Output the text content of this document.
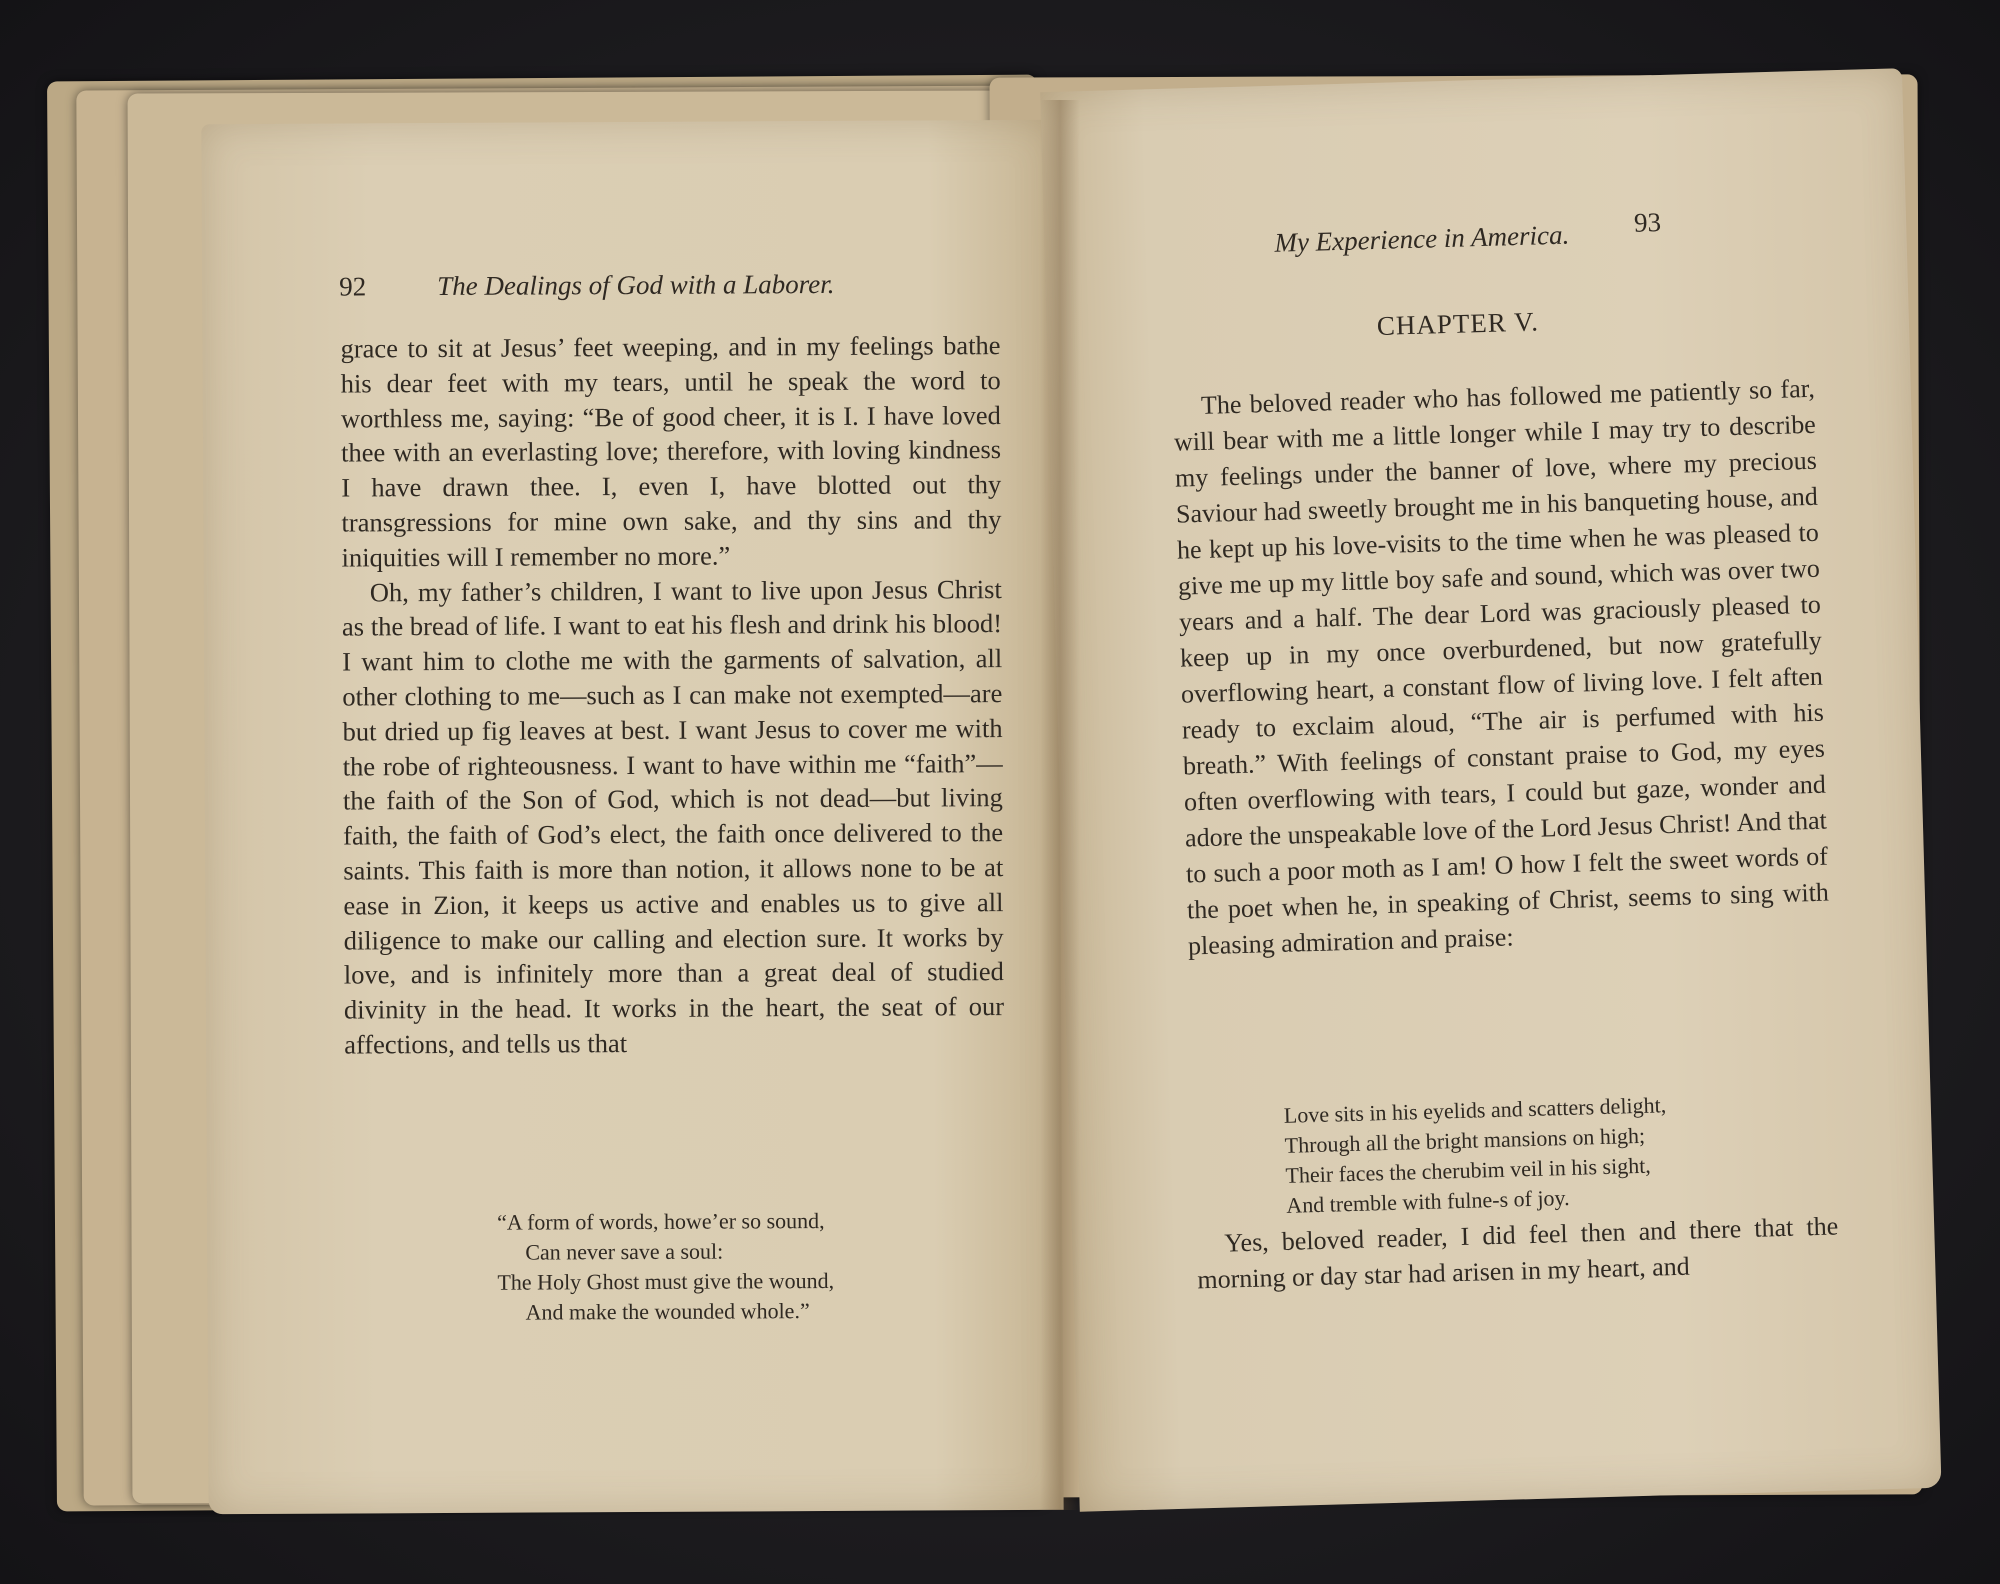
92	The Dealings of God with a Laborer.

grace to sit at Jesus’ feet weeping, and in my feelings bathe his dear feet with my tears, until he speak the word to worthless me, saying: “Be of good cheer, it is I. I have loved thee with an everlasting love; therefore, with loving kindness I have drawn thee. I, even I, have blotted out thy transgressions for mine own sake, and thy sins and thy iniquities will I remember no more.”

Oh, my father’s children, I want to live upon Jesus Christ as the bread of life. I want to eat his flesh and drink his blood! I want him to clothe me with the garments of salvation, all other clothing to me—such as I can make not exempted—are but dried up fig leaves at best. I want Jesus to cover me with the robe of righteousness. I want to have within me “faith”—the faith of the Son of God, which is not dead—but living faith, the faith of God’s elect, the faith once delivered to the saints. This faith is more than notion, it allows none to be at ease in Zion, it keeps us active and enables us to give all diligence to make our calling and election sure. It works by love, and is infinitely more than a great deal of studied divinity in the head. It works in the heart, the seat of our affections, and tells us that

“A form of words, howe’er so sound,
Can never save a soul:
The Holy Ghost must give the wound,
And make the wounded whole.”
My Experience in America. 93
CHAPTER V.

The beloved reader who has followed me patiently so far, will bear with me a little longer while I may try to describe my feelings under the banner of love, where my precious Saviour had sweetly brought me in his banqueting house, and he kept up his love-visits to the time when he was pleased to give me up my little boy safe and sound, which was over two years and a half. The dear Lord was graciously pleased to keep up in my once overburdened, but now gratefully overflowing heart, a constant flow of living love. I felt aften ready to exclaim aloud, “The air is perfumed with his breath.” With feelings of constant praise to God, my eyes often overflowing with tears, I could but gaze, wonder and adore the unspeakable love of the Lord Jesus Christ! And that to such a poor moth as I am! O how I felt the sweet words of the poet when he, in speaking of Christ, seems to sing with pleasing admiration and praise:

Love sits in his eyelids and scatters delight,
Through all the bright mansions on high;
Their faces the cherubim veil in his sight,
And tremble with fulne‑s of joy.

Yes, beloved reader, I did feel then and there that the morning or day star had arisen in my heart, and
